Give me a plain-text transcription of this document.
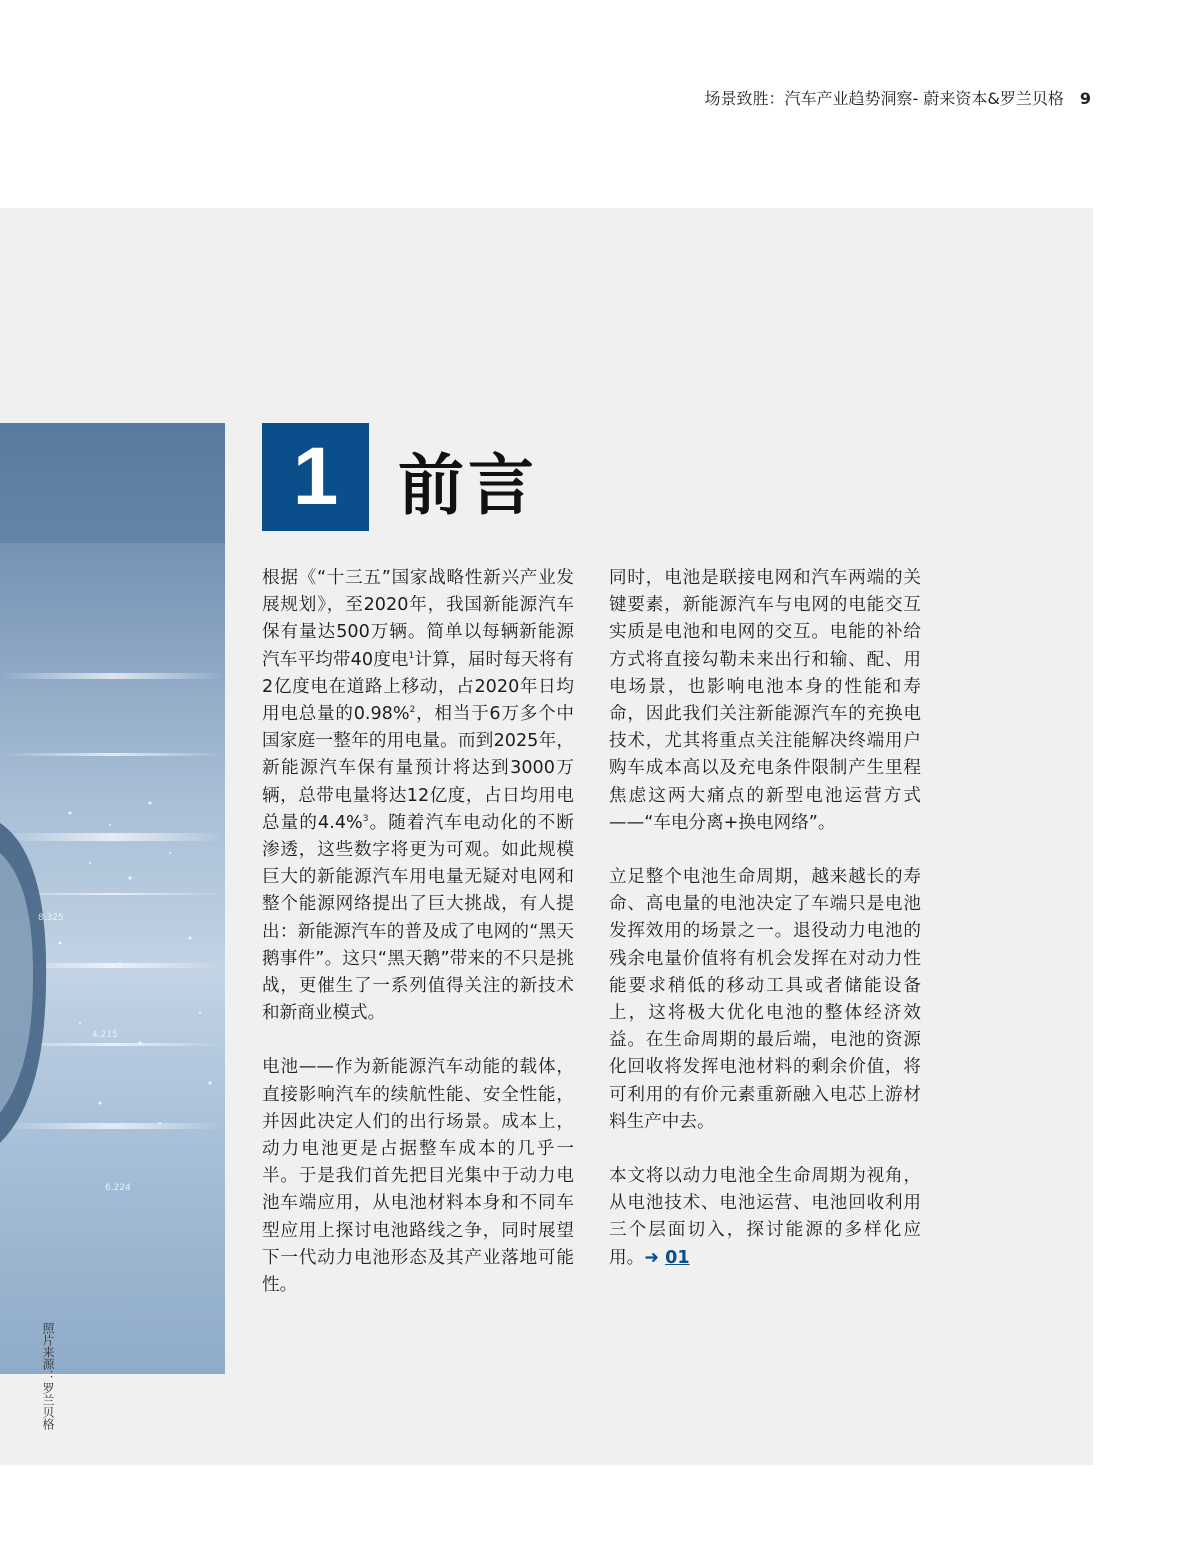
场景致胜：汽车产业趋势洞察- 蔚来资本&罗兰贝格 9
8.325
4.215
6.224
照片来源：罗兰贝格
1 前言

根据《“十三五”国家战略性新兴产业发展规划》，至2020年，我国新能源汽车保有量达500万辆。简单以每辆新能源汽车平均带40度电$^1$计算，届时每天将有2亿度电在道路上移动，占2020年日均用电总量的0.98%$^2$，相当于6万多个中国家庭一整年的用电量。而到2025年，新能源汽车保有量预计将达到3000万辆，总带电量将达12亿度，占日均用电总量的4.4%$^3$。随着汽车电动化的不断渗透，这些数字将更为可观。如此规模巨大的新能源汽车用电量无疑对电网和整个能源网络提出了巨大挑战，有人提出：新能源汽车的普及成了电网的“黑天鹅事件”。这只“黑天鹅”带来的不只是挑战，更催生了一系列值得关注的新技术和新商业模式。

电池——作为新能源汽车动能的载体，直接影响汽车的续航性能、安全性能，并因此决定人们的出行场景。成本上，动力电池更是占据整车成本的几乎一半。于是我们首先把目光集中于动力电池车端应用，从电池材料本身和不同车型应用上探讨电池路线之争，同时展望下一代动力电池形态及其产业落地可能性。

同时，电池是联接电网和汽车两端的关键要素，新能源汽车与电网的电能交互实质是电池和电网的交互。电能的补给方式将直接勾勒未来出行和输、配、用电场景，也影响电池本身的性能和寿命，因此我们关注新能源汽车的充换电技术，尤其将重点关注能解决终端用户购车成本高以及充电条件限制产生里程焦虑这两大痛点的新型电池运营方式——“车电分离+换电网络”。

立足整个电池生命周期，越来越长的寿命、高电量的电池决定了车端只是电池发挥效用的场景之一。退役动力电池的残余电量价值将有机会发挥在对动力性能要求稍低的移动工具或者储能设备上，这将极大优化电池的整体经济效益。在生命周期的最后端，电池的资源化回收将发挥电池材料的剩余价值，将可利用的有价元素重新融入电芯上游材料生产中去。

本文将以动力电池全生命周期为视角，从电池技术、电池运营、电池回收利用三个层面切入，探讨能源的多样化应用。➜ 01
